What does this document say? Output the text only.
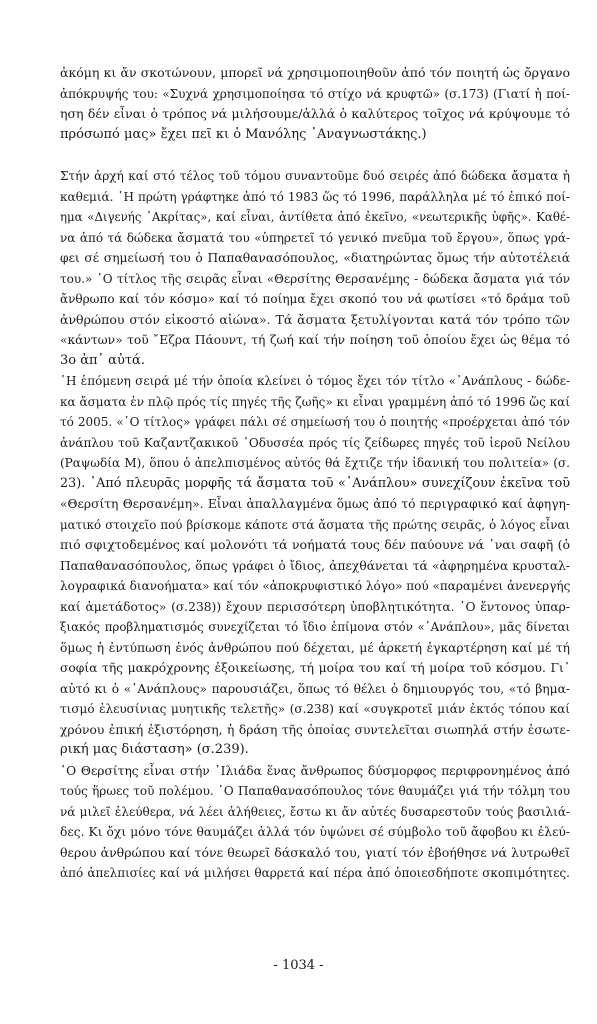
ἀκόμη κι ἄν σκοτώνουν, μπορεῖ νά χρησιμοποιηθοῦν ἀπό τόν ποιητή ὡς ὄργανο
ἀπόκρυψής του: «Συχνά χρησιμοποίησα τό στίχο νά κρυφτῶ» (σ.173) (Γιατί ἡ ποί-
ηση δέν εἶναι ὁ τρόπος νά μιλήσουμε/ἀλλά ὁ καλύτερος τοῖχος νά κρύψουμε τό
πρόσωπό μας» ἔχει πεῖ κι ὁ Μανόλης ᾿Αναγνωστάκης.)
Στήν ἀρχή καί στό τέλος τοῦ τόμου συναντοῦμε δυό σειρές ἀπό δώδεκα ἄσματα ἡ
καθεμιά. ῾Η πρώτη γράφτηκε ἀπό τό 1983 ὥς τό 1996, παράλληλα μέ τό ἐπικό ποί-
ημα «Διγενής ᾿Ακρίτας», καί εἶναι, ἀντίθετα ἀπό ἐκεῖνο, «νεωτερικῆς ὑφῆς». Καθέ-
να ἀπό τά δώδεκα ἄσματά του «ὑπηρετεῖ τό γενικό πνεῦμα τοῦ ἔργου», ὅπως γρά-
φει σέ σημείωσή του ὁ Παπαθανασόπουλος, «διατηρώντας ὅμως τήν αὐτοτέλειά
του.» ῾Ο τίτλος τῆς σειρᾶς εἶναι «Θερσίτης Θερσανέμης - δώδεκα ἄσματα γιά τόν
ἄνθρωπο καί τόν κόσμο» καί τό ποίημα ἔχει σκοπό του νά φωτίσει «τό δράμα τοῦ
ἀνθρώπου στόν εἰκοστό αἰώνα». Τά ἄσματα ξετυλίγονται κατά τόν τρόπο τῶν
«κάντων» τοῦ ῎Εζρα Πάουντ, τή ζωή καί τήν ποίηση τοῦ ὁποίου ἔχει ὡς θέμα τό
3ο ἀπ᾿ αὐτά.
῾Η ἑπόμενη σειρά μέ τήν ὁποία κλείνει ὁ τόμος ἔχει τόν τίτλο «᾿Ανάπλους - δώδε-
κα ἄσματα ἐν πλῷ πρός τίς πηγές τῆς ζωῆς» κι εἶναι γραμμένη ἀπό τό 1996 ὥς καί
τό 2005. «῾Ο τίτλος» γράφει πάλι σέ σημείωσή του ὁ ποιητής «προέρχεται ἀπό τόν
ἀνάπλου τοῦ Καζαντζακικοῦ ᾿Οδυσσέα πρός τίς ζείδωρες πηγές τοῦ ἱεροῦ Νείλου
(Ραψωδία Μ), ὅπου ὁ ἀπελπισμένος αὐτός θά ἔχτιζε τήν ἰδανική του πολιτεία» (σ.
23). ᾿Από πλευρᾶς μορφῆς τά ἄσματα τοῦ «᾿Ανάπλου» συνεχίζουν ἐκεῖνα τοῦ
«Θερσίτη Θερσανέμη». Εἶναι ἀπαλλαγμένα ὅμως ἀπό τό περιγραφικό καί ἀφηγη-
ματικό στοιχεῖο πού βρίσκομε κάποτε στά ἄσματα τῆς πρώτης σειρᾶς, ὁ λόγος εἶναι
πιό σφιχτοδεμένος καί μολονότι τά νοήματά τους δέν παύουνε νά ᾿ναι σαφῆ (ὁ
Παπαθανασόπουλος, ὅπως γράφει ὁ ἴδιος, ἀπεχθάνεται τά «ἀφηρημένα κρυσταλ-
λογραφικά διανοήματα» καί τόν «ἀποκρυφιστικό λόγο» πού «παραμένει ἀνενεργής
καί ἀμετάδοτος» (σ.238)) ἔχουν περισσότερη ὑποβλητικότητα. ῾Ο ἔντονος ὑπαρ-
ξιακός προβληματισμός συνεχίζεται τό ἴδιο ἐπίμονα στόν «᾿Ανάπλου», μᾶς δίνεται
ὅμως ἡ ἐντύπωση ἑνός ἀνθρώπου πού δέχεται, μέ ἀρκετή ἐγκαρτέρηση καί μέ τή
σοφία τῆς μακρόχρονης ἐξοικείωσης, τή μοίρα του καί τή μοίρα τοῦ κόσμου. Γι᾿
αὐτό κι ὁ «᾿Ανάπλους» παρουσιάζει, ὅπως τό θέλει ὁ δημιουργός του, «τό βημα-
τισμό ἐλευσίνιας μυητικῆς τελετῆς» (σ.238) καί «συγκροτεῖ μιάν ἐκτός τόπου καί
χρόνου ἐπική ἐξιστόρηση, ἡ δράση τῆς ὁποίας συντελεῖται σιωπηλά στήν ἐσωτε-
ρική μας διάσταση» (σ.239).
῾Ο Θερσίτης εἶναι στήν ᾿Ιλιάδα ἕνας ἄνθρωπος δύσμορφος περιφρονημένος ἀπό
τούς ἥρωες τοῦ πολέμου. ῾Ο Παπαθανασόπουλος τόνε θαυμάζει γιά τήν τόλμη του
νά μιλεῖ ἐλεύθερα, νά λέει ἀλήθειες, ἔστω κι ἄν αὐτές δυσαρεστοῦν τούς βασιλιά-
δες. Κι ὄχι μόνο τόνε θαυμάζει ἀλλά τόν ὑψώνει σέ σύμβολο τοῦ ἄφοβου κι ἐλεύ-
θερου ἀνθρώπου καί τόνε θεωρεῖ δάσκαλό του, γιατί τόν ἐβοήθησε νά λυτρωθεῖ
ἀπό ἀπελπισίες καί νά μιλήσει θαρρετά καί πέρα ἀπό ὁποιεσδήποτε σκοπιμότητες.
- 1034 -
